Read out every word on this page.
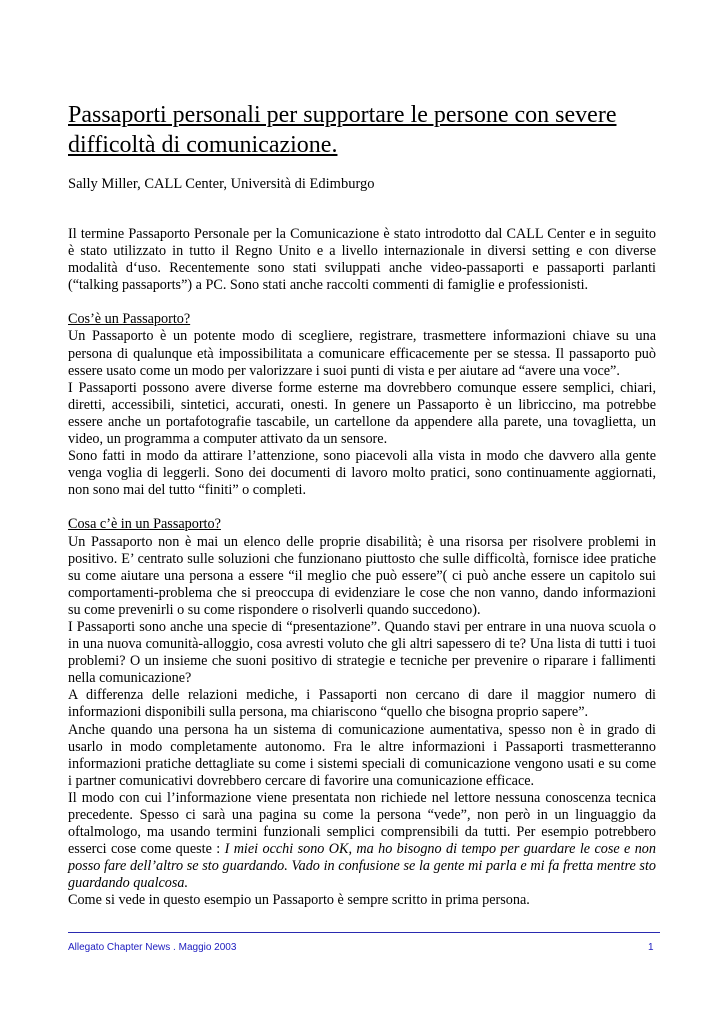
Passaporti personali per supportare le persone con severe difficoltà di comunicazione.
Sally Miller, CALL Center, Università di Edimburgo

Il termine Passaporto Personale per la Comunicazione è stato introdotto dal CALL Center e in seguito è stato utilizzato in tutto il Regno Unito e a livello internazionale in diversi setting e con diverse modalità d‘uso. Recentemente sono stati sviluppati anche video-passaporti e passaporti parlanti (“talking passaports”) a PC. Sono stati anche raccolti commenti di famiglie e professionisti.

Cos’è un Passaporto?

Un Passaporto è un potente modo di scegliere, registrare, trasmettere informazioni chiave su una persona di qualunque età impossibilitata a comunicare efficacemente per se stessa. Il passaporto può essere usato come un modo per valorizzare i suoi punti di vista e per aiutare ad “avere una voce”.

I Passaporti possono avere diverse forme esterne ma dovrebbero comunque essere semplici, chiari, diretti, accessibili, sintetici, accurati, onesti. In genere un Passaporto è un libriccino, ma potrebbe essere anche un portafotografie tascabile, un cartellone da appendere alla parete, una tovaglietta, un video, un programma a computer attivato da un sensore.

Sono fatti in modo da attirare l’attenzione, sono piacevoli alla vista in modo che davvero alla gente venga voglia di leggerli. Sono dei documenti di lavoro molto pratici, sono continuamente aggiornati, non sono mai del tutto “finiti” o completi.

Cosa c’è in un Passaporto?

Un Passaporto non è mai un elenco delle proprie disabilità; è una risorsa per risolvere problemi in positivo. E’ centrato sulle soluzioni che funzionano piuttosto che sulle difficoltà, fornisce idee pratiche su come aiutare una persona a essere “il meglio che può essere”( ci può anche essere un capitolo sui comportamenti-problema che si preoccupa di evidenziare le cose che non vanno, dando informazioni su come prevenirli o su come rispondere o risolverli quando succedono).

I Passaporti sono anche una specie di “presentazione”. Quando stavi per entrare in una nuova scuola o in una nuova comunità-alloggio, cosa avresti voluto che gli altri sapessero di te? Una lista di tutti i tuoi problemi? O un insieme che suoni positivo di strategie e tecniche per prevenire o riparare i fallimenti nella comunicazione?

A differenza delle relazioni mediche, i Passaporti non cercano di dare il maggior numero di informazioni disponibili sulla persona, ma chiariscono “quello che bisogna proprio sapere”.

Anche quando una persona ha un sistema di comunicazione aumentativa, spesso non è in grado di usarlo in modo completamente autonomo. Fra le altre informazioni i Passaporti trasmetteranno informazioni pratiche dettagliate su come i sistemi speciali di comunicazione vengono usati e su come i partner comunicativi dovrebbero cercare di favorire una comunicazione efficace.

Il modo con cui l’informazione viene presentata non richiede nel lettore nessuna conoscenza tecnica precedente. Spesso ci sarà una pagina su come la persona “vede”, non però in un linguaggio da oftalmologo, ma usando termini funzionali semplici comprensibili da tutti. Per esempio potrebbero esserci cose come queste : I miei occhi sono OK, ma ho bisogno di tempo per guardare le cose e non posso fare dell’altro se sto guardando. Vado in confusione se la gente mi parla e mi fa fretta mentre sto guardando qualcosa.

Come si vede in questo esempio un Passaporto è sempre scritto in prima persona.

Allegato Chapter News . Maggio 2003	1
